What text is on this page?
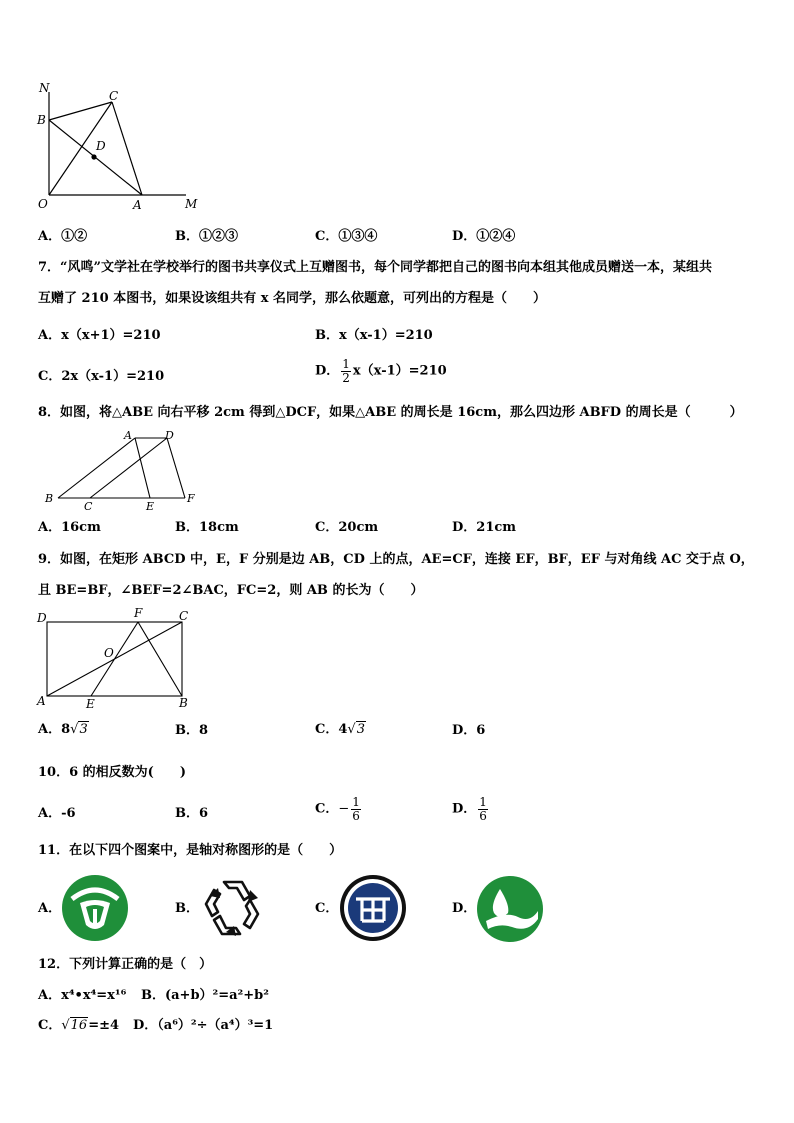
N
C
B
D
O	A	M
A．①②	B．①②③	C．①③④	D．①②④
7．“风鸣”文学社在学校举行的图书共享仪式上互赠图书，每个同学都把自己的图书向本组其他成员赠送一本，某组共
互赠了 210 本图书，如果设该组共有 x 名同学，那么依题意，可列出的方程是（　　）
A．x（x+1）=210	B．x（x-1）=210
C．2x（x-1）=210	D． $\frac{1}{2} x(x-1)=210$
8．如图，将△ABE 向右平移 2cm 得到△DCF，如果△ABE 的周长是 16cm，那么四边形 ABFD 的周长是（　　　）
A	D
B
C	E
F
A．16cm	B．18cm	C．20cm	D．21cm
9．如图，在矩形 ABCD 中，E，F 分别是边 AB，CD 上的点，AE=CF，连接 EF，BF，EF 与对角线 AC 交于点 O，
且 BE=BF，∠BEF=2∠BAC，FC=2，则 AB 的长为（　　）
D	F	C
O
A	E	B
A．8√3	B．8	C．4√3	D．6
10．6 的相反数为(　　)
A．-6	B．6	C．− $\frac{1}{6}$	D． $\frac{1}{6}$
11．在以下四个图案中，是轴对称图形的是（　　）
A．	B．	C．	D．
12．下列计算正确的是（　）
A．x⁴•x⁴=x¹⁶ B．(a+b）²=a²+b²
C．√16=±4 D．（a⁶）²÷（a⁴）³=1
